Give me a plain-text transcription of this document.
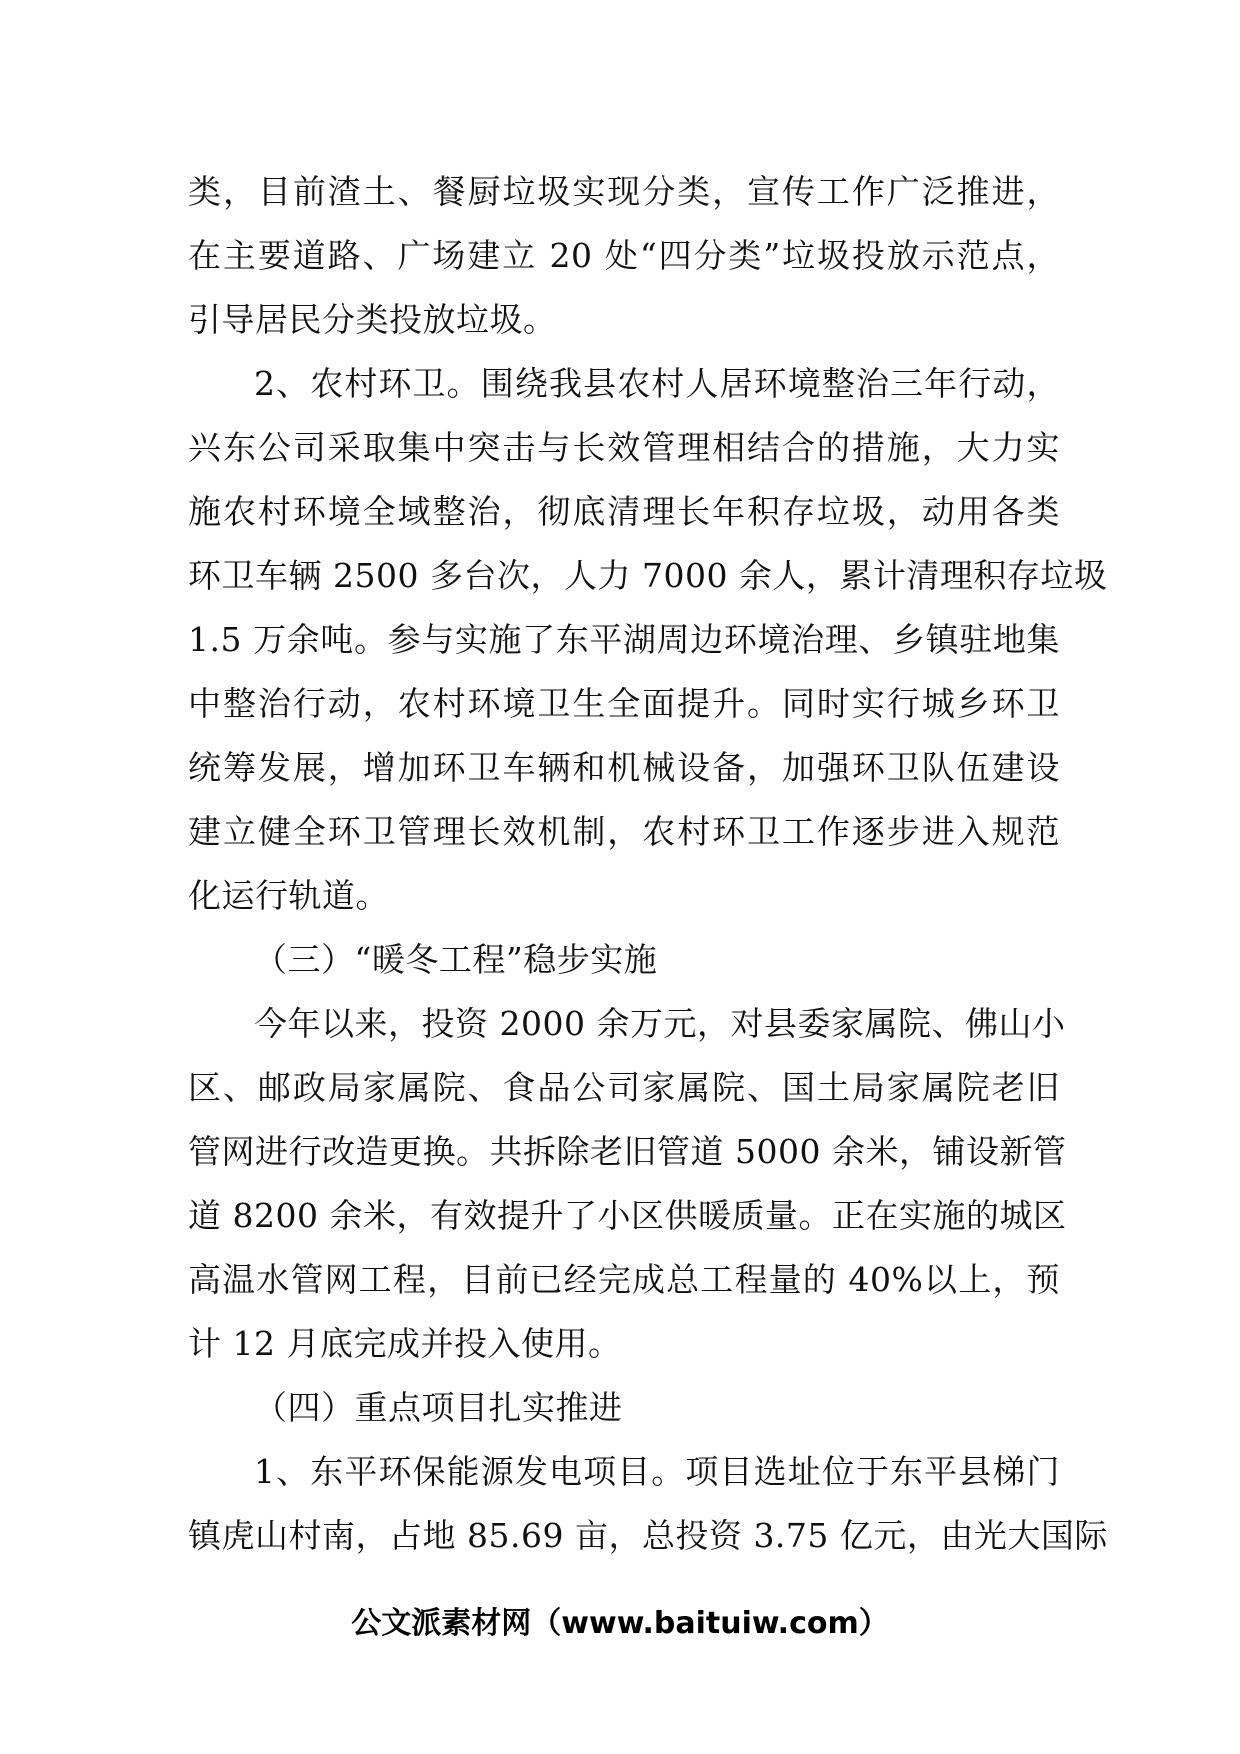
类，目前渣土、餐厨垃圾实现分类，宣传工作广泛推进，
在主要道路、广场建立 20 处“四分类”垃圾投放示范点，
引导居民分类投放垃圾。
2、农村环卫。围绕我县农村人居环境整治三年行动，
兴东公司采取集中突击与长效管理相结合的措施，大力实
施农村环境全域整治，彻底清理长年积存垃圾，动用各类
环卫车辆 2500 多台次，人力 7000 余人，累计清理积存垃圾
1.5 万余吨。参与实施了东平湖周边环境治理、乡镇驻地集
中整治行动，农村环境卫生全面提升。同时实行城乡环卫
统筹发展，增加环卫车辆和机械设备，加强环卫队伍建设
建立健全环卫管理长效机制，农村环卫工作逐步进入规范
化运行轨道。
（三）“暖冬工程”稳步实施
今年以来，投资 2000 余万元，对县委家属院、佛山小
区、邮政局家属院、食品公司家属院、国土局家属院老旧
管网进行改造更换。共拆除老旧管道 5000 余米，铺设新管
道 8200 余米，有效提升了小区供暖质量。正在实施的城区
高温水管网工程，目前已经完成总工程量的 40%以上，预
计 12 月底完成并投入使用。
（四）重点项目扎实推进
1、东平环保能源发电项目。项目选址位于东平县梯门
镇虎山村南，占地 85.69 亩，总投资 3.75 亿元，由光大国际
公文派素材网（www.baituiw.com）
